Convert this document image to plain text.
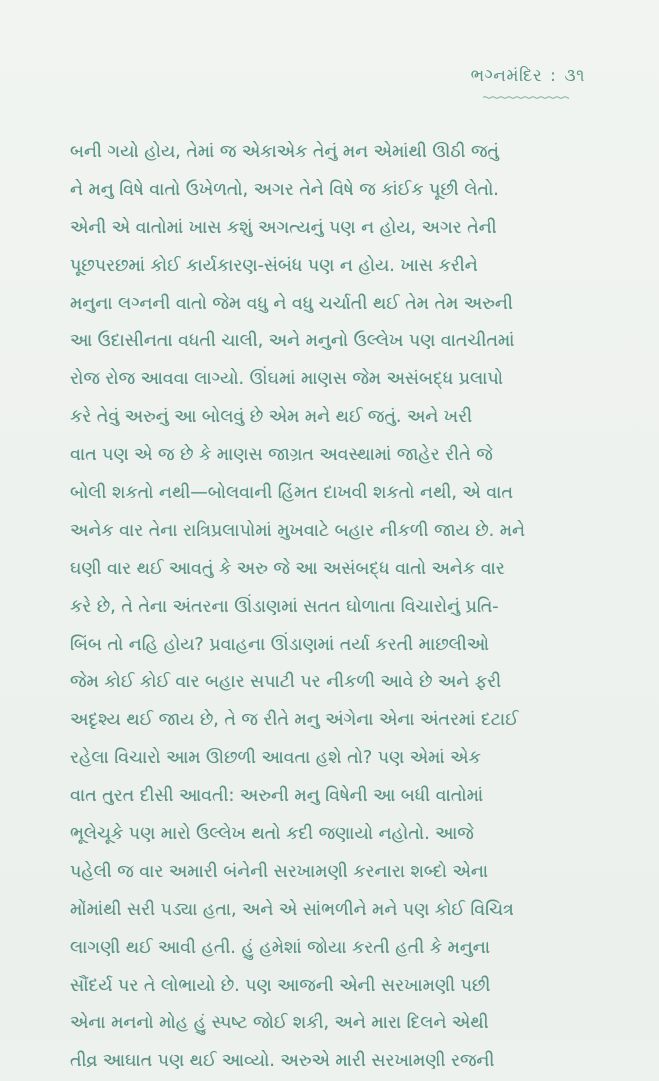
ભગ્નમંદિર : ૩૧
બની ગયો હોય, તેમાં જ એકાએક તેનું મન એમાંથી ઊઠી જતું
ને મનુ વિષે વાતો ઉખેળતો, અગર તેને વિષે જ કાંઈક પૂછી લેતો.
એની એ વાતોમાં ખાસ કશું અગત્યનું પણ ન હોય, અગર તેની
પૂછપરછમાં કોઈ કાર્યકારણ-સંબંધ પણ ન હોય. ખાસ કરીને
મનુના લગ્નની વાતો જેમ વધુ ને વધુ ચર્ચાતી થઈ તેમ તેમ અરુની
આ ઉદાસીનતા વધતી ચાલી, અને મનુનો ઉલ્લેખ પણ વાતચીતમાં
રોજ રોજ આવવા લાગ્યો. ઊંઘમાં માણસ જેમ અસંબદ્ધ પ્રલાપો
કરે તેવું અરુનું આ બોલવું છે એમ મને થઈ જતું. અને ખરી
વાત પણ એ જ છે કે માણસ જાગ્રત અવસ્થામાં જાહેર રીતે જે
બોલી શકતો નથી—બોલવાની હિંમત દાખવી શકતો નથી, એ વાત
અનેક વાર તેના રાત્રિપ્રલાપોમાં મુખવાટે બહાર નીકળી જાય છે. મને
ઘણી વાર થઈ આવતું કે અરુ જે આ અસંબદ્ધ વાતો અનેક વાર
કરે છે, તે તેના અંતરના ઊંડાણમાં સતત ઘોળાતા વિચારોનું પ્રતિ-
બિંબ તો નહિ હોય? પ્રવાહના ઊંડાણમાં તર્યા કરતી માછલીઓ
જેમ કોઈ કોઈ વાર બહાર સપાટી પર નીકળી આવે છે અને ફરી
અદૃશ્ય થઈ જાય છે, તે જ રીતે મનુ અંગેના એના અંતરમાં દટાઈ
રહેલા વિચારો આમ ઊછળી આવતા હશે તો? પણ એમાં એક
વાત તુરત દીસી આવતી: અરુની મનુ વિષેની આ બધી વાતોમાં
ભૂલેચૂકે પણ મારો ઉલ્લેખ થતો કદી જણાયો નહોતો. આજે
પહેલી જ વાર અમારી બંનેની સરખામણી કરનારા શબ્દો એના
મોંમાંથી સરી પડ્યા હતા, અને એ સાંભળીને મને પણ કોઈ વિચિત્ર
લાગણી થઈ આવી હતી. હું હમેશાં જોયા કરતી હતી કે મનુના
સૌંદર્ય પર તે લોભાયો છે. પણ આજની એની સરખામણી પછી
એના મનનો મોહ હું સ્પષ્ટ જોઈ શકી, અને મારા દિલને એથી
તીવ્ર આઘાત પણ થઈ આવ્યો. અરુએ મારી સરખામણી રજની
